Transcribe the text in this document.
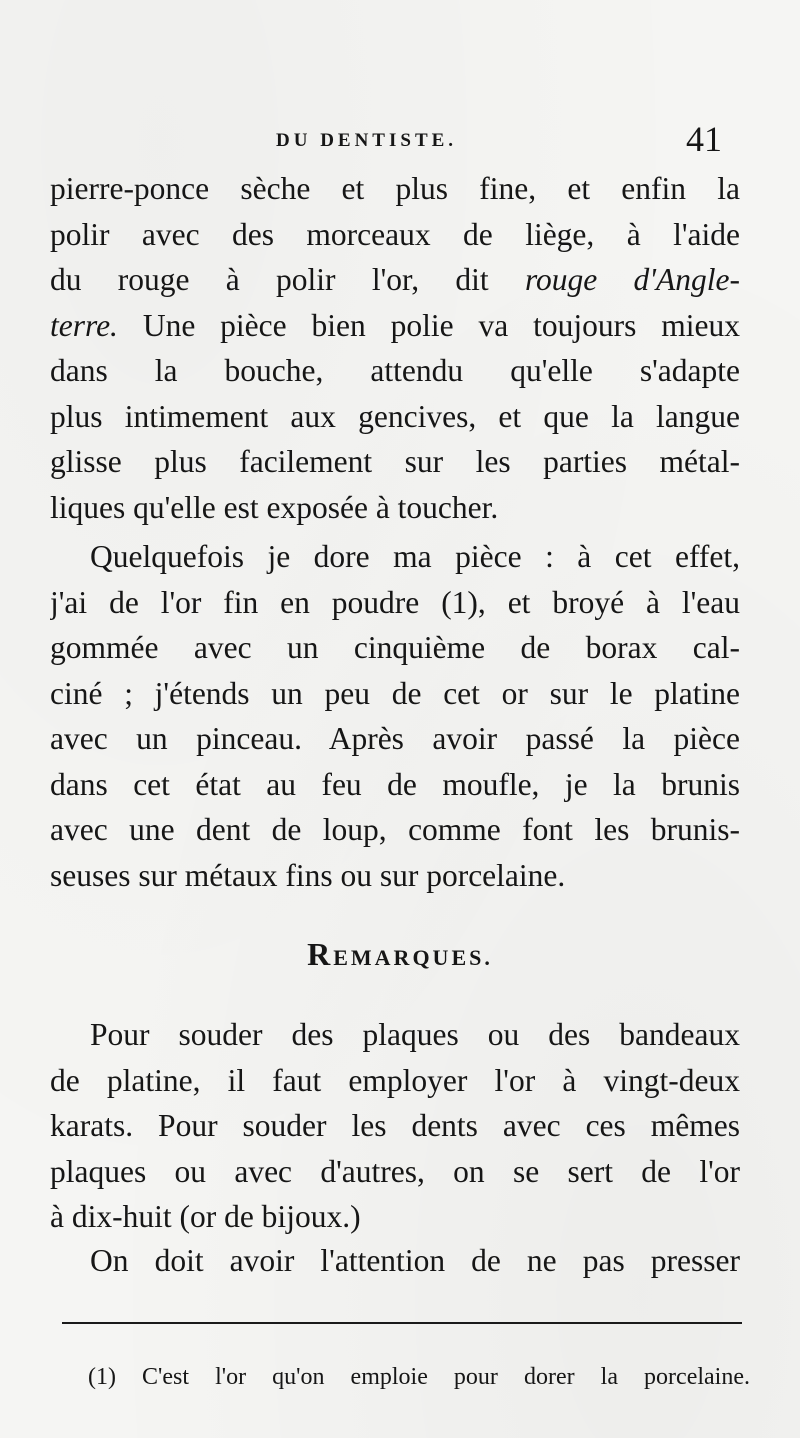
DU DENTISTE.	41
pierre-ponce sèche et plus fine, et enfin la
polir avec des morceaux de liège, à l'aide
du rouge à polir l'or, dit rouge d'Angle-
terre. Une pièce bien polie va toujours mieux
dans la bouche, attendu qu'elle s'adapte
plus intimement aux gencives, et que la langue
glisse plus facilement sur les parties métal-
liques qu'elle est exposée à toucher.
Quelquefois je dore ma pièce : à cet effet,
j'ai de l'or fin en poudre (1), et broyé à l'eau
gommée avec un cinquième de borax cal-
ciné ; j'étends un peu de cet or sur le platine
avec un pinceau. Après avoir passé la pièce
dans cet état au feu de moufle, je la brunis
avec une dent de loup, comme font les brunis-
seuses sur métaux fins ou sur porcelaine.
REMARQUES.
Pour souder des plaques ou des bandeaux
de platine, il faut employer l'or à vingt-deux
karats. Pour souder les dents avec ces mêmes
plaques ou avec d'autres, on se sert de l'or
à dix-huit (or de bijoux.)
On doit avoir l'attention de ne pas presser
(1) C'est l'or qu'on emploie pour dorer la porcelaine.
